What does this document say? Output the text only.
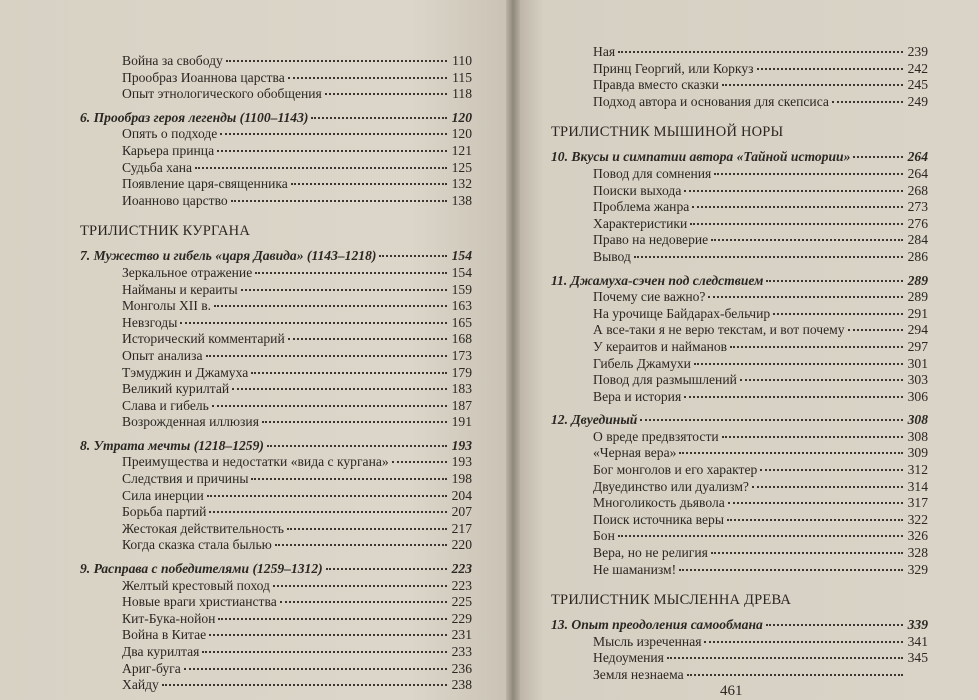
Война за свободу	110
Прообраз Иоаннова царства	115
Опыт этнологического обобщения	118
6. Прообраз героя легенды (1100–1143)	120
Опять о подходе	120
Карьера принца	121
Судьба хана	125
Появление царя-священника	132
Иоанново царство	138
ТРИЛИСТНИК КУРГАНА
7. Мужество и гибель «царя Давида» (1143–1218)	154
Зеркальное отражение	154
Найманы и кераиты	159
Монголы XII в.	163
Невзгоды	165
Исторический комментарий	168
Опыт анализа	173
Тэмуджин и Джамуха	179
Великий курилтай	183
Слава и гибель	187
Возрожденная иллюзия	191
8. Утрата мечты (1218–1259)	193
Преимущества и недостатки «вида с кургана»	193
Следствия и причины	198
Сила инерции	204
Борьба партий	207
Жестокая действительность	217
Когда сказка стала былью	220
9. Расправа с победителями (1259–1312)	223
Желтый крестовый поход	223
Новые враги христианства	225
Кит-Бука-нойон	229
Война в Китае	231
Два курилтая	233
Ариг-буга	236
Хайду	238
Ная	239
Принц Георгий, или Коркуз	242
Правда вместо сказки	245
Подход автора и основания для скепсиса	249
ТРИЛИСТНИК МЫШИНОЙ НОРЫ
10. Вкусы и симпатии автора «Тайной истории»	264
Повод для сомнения	264
Поиски выхода	268
Проблема жанра	273
Характеристики	276
Право на недоверие	284
Вывод	286
11. Джамуха-сэчен под следствием	289
Почему сие важно?	289
На урочище Байдарах-бельчир	291
А все-таки я не верю текстам, и вот почему	294
У кераитов и найманов	297
Гибель Джамухи	301
Повод для размышлений	303
Вера и история	306
12. Двуединый	308
О вреде предвзятости	308
«Черная вера»	309
Бог монголов и его характер	312
Двуединство или дуализм?	314
Многоликость дьявола	317
Поиск источника веры	322
Бон	326
Вера, но не религия	328
Не шаманизм!	329
ТРИЛИСТНИК МЫСЛЕННА ДРЕВА
13. Опыт преодоления самообмана	339
Мысль изреченная	341
Недоумения	345
Земля незнаема
461
